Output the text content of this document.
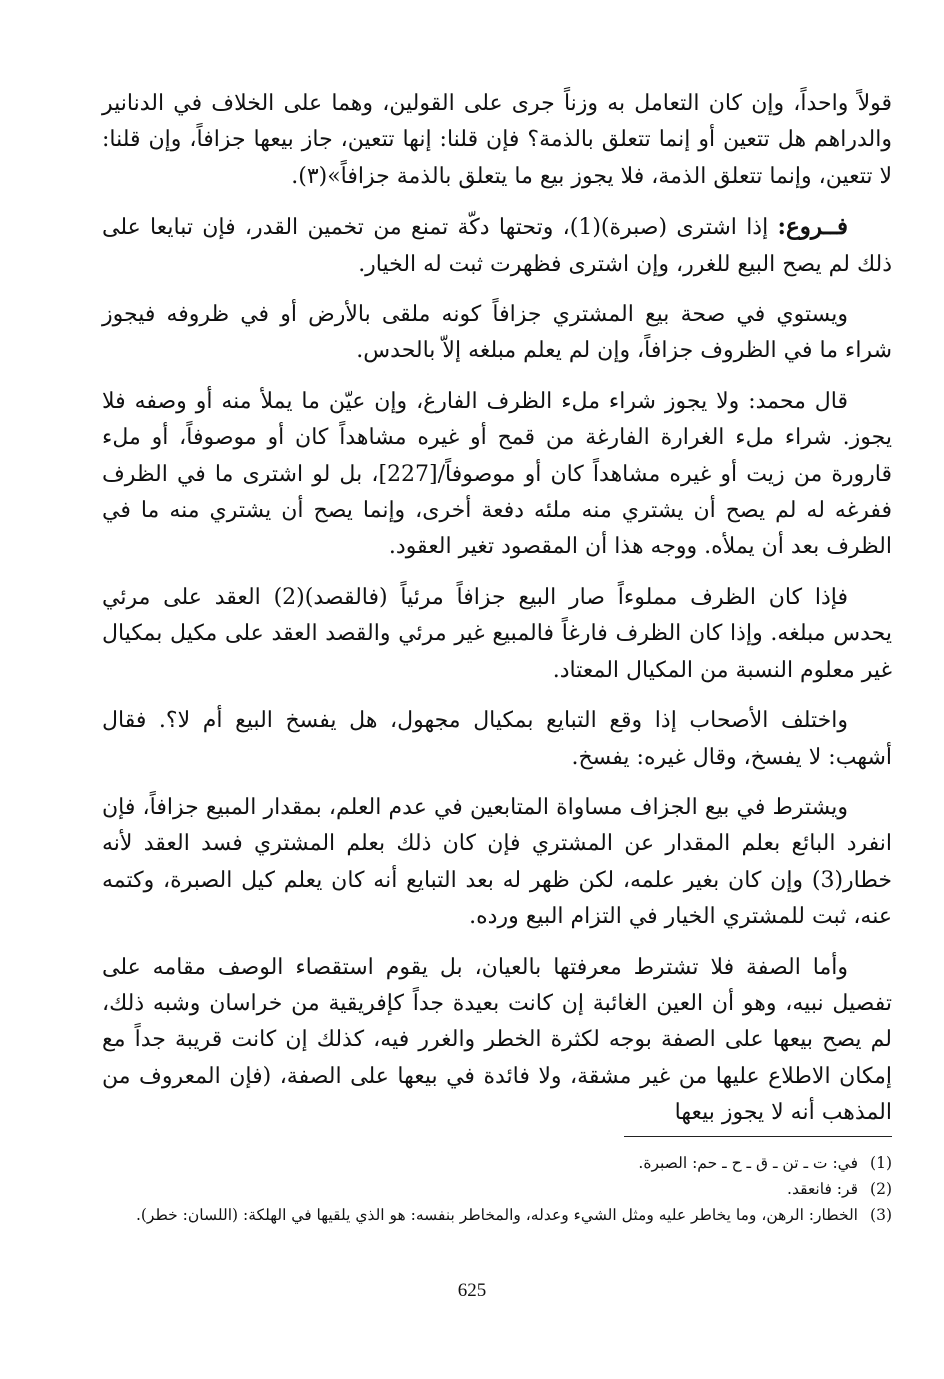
قولاً واحداً، وإن كان التعامل به وزناً جرى على القولين، وهما على الخلاف في الدنانير والدراهم هل تتعين أو إنما تتعلق بالذمة؟ فإن قلنا: إنها تتعين، جاز بيعها جزافاً، وإن قلنا: لا تتعين، وإنما تتعلق الذمة، فلا يجوز بيع ما يتعلق بالذمة جزافاً»(٣).

فــروع: إذا اشترى (صبرة)(1)، وتحتها دكّة تمنع من تخمين القدر، فإن تبايعا على ذلك لم يصح البيع للغرر، وإن اشترى فظهرت ثبت له الخيار.

ويستوي في صحة بيع المشتري جزافاً كونه ملقى بالأرض أو في ظروفه فيجوز شراء ما في الظروف جزافاً، وإن لم يعلم مبلغه إلاّ بالحدس.

قال محمد: ولا يجوز شراء ملء الظرف الفارغ، وإن عيّن ما يملأ منه أو وصفه فلا يجوز. شراء ملء الغرارة الفارغة من قمح أو غيره مشاهداً كان أو موصوفاً، أو ملء قارورة من زيت أو غيره مشاهداً كان أو موصوفاً/[227]، بل لو اشترى ما في الظرف ففرغه له لم يصح أن يشتري منه ملئه دفعة أخرى، وإنما يصح أن يشتري منه ما في الظرف بعد أن يملأه. ووجه هذا أن المقصود تغير العقود.

فإذا كان الظرف مملوءاً صار البيع جزافاً مرئياً (فالقصد)(2) العقد على مرئي يحدس مبلغه. وإذا كان الظرف فارغاً فالمبيع غير مرئي والقصد العقد على مكيل بمكيال غير معلوم النسبة من المكيال المعتاد.

واختلف الأصحاب إذا وقع التبايع بمكيال مجهول، هل يفسخ البيع أم لا؟. فقال أشهب: لا يفسخ، وقال غيره: يفسخ.

ويشترط في بيع الجزاف مساواة المتابعين في عدم العلم، بمقدار المبيع جزافاً، فإن انفرد البائع بعلم المقدار عن المشتري فإن كان ذلك بعلم المشتري فسد العقد لأنه خطار(3) وإن كان بغير علمه، لكن ظهر له بعد التبايع أنه كان يعلم كيل الصبرة، وكتمه عنه، ثبت للمشتري الخيار في التزام البيع ورده.

وأما الصفة فلا تشترط معرفتها بالعيان، بل يقوم استقصاء الوصف مقامه على تفصيل نبيه، وهو أن العين الغائبة إن كانت بعيدة جداً كإفريقية من خراسان وشبه ذلك، لم يصح بيعها على الصفة بوجه لكثرة الخطر والغرر فيه، كذلك إن كانت قريبة جداً مع إمكان الاطلاع عليها من غير مشقة، ولا فائدة في بيعها على الصفة، (فإن المعروف من المذهب أنه لا يجوز بيعها

(1)
في: ت ـ تن ـ ق ـ ح ـ حم: الصبرة.
(2)
قر: فانعقد.
(3)
الخطار: الرهن، وما يخاطر عليه ومثل الشيء وعدله، والمخاطر بنفسه: هو الذي يلقيها في الهلكة: (اللسان: خطر).
625
